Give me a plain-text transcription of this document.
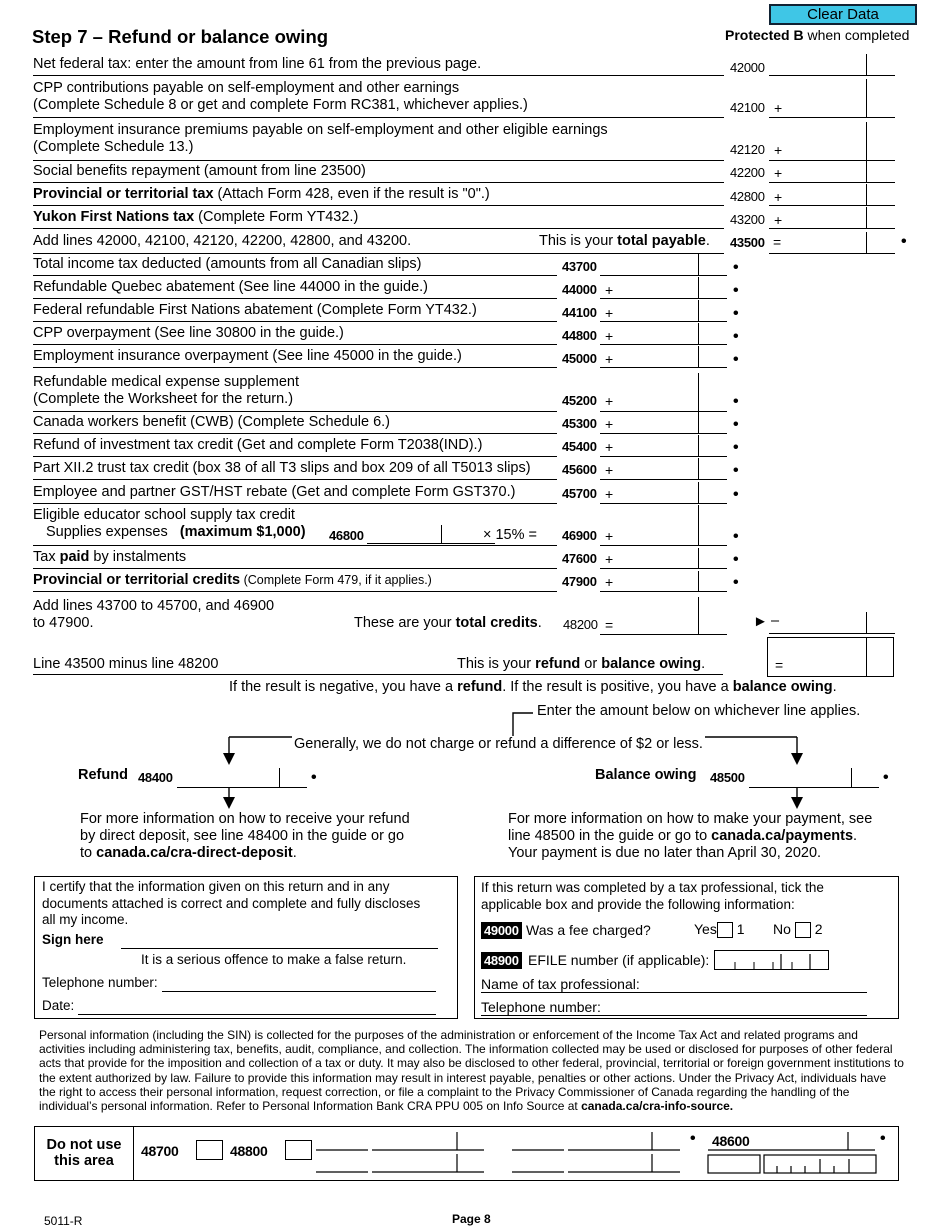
Clear Data
Step 7 – Refund or balance owing	Protected B when completed
Net federal tax: enter the amount from line 61 from the previous page.	42000
CPP contributions payable on self-employment and other earnings
(Complete Schedule 8 or get and complete Form RC381, whichever applies.)	42100 +
Employment insurance premiums payable on self-employment and other eligible earnings
(Complete Schedule 13.)	42120 +
Social benefits repayment (amount from line 23500)	42200 +
Provincial or territorial tax (Attach Form 428, even if the result is "0".)	42800 +
Yukon First Nations tax (Complete Form YT432.)	43200 +
Add lines 42000, 42100, 42120, 42200, 42800, and 43200.	This is your total payable. 43500 =	•
Total income tax deducted (amounts from all Canadian slips)	43700	•
Refundable Quebec abatement (See line 44000 in the guide.)	44000 +	•
Federal refundable First Nations abatement (Complete Form YT432.)	44100 +	•
CPP overpayment (See line 30800 in the guide.)	44800 +	•
Employment insurance overpayment (See line 45000 in the guide.)	45000 +	•
Refundable medical expense supplement
(Complete the Worksheet for the return.)	45200 +	•
Canada workers benefit (CWB) (Complete Schedule 6.)	45300 +	•
Refund of investment tax credit (Get and complete Form T2038(IND).)	45400 +	•
Part XII.2 trust tax credit (box 38 of all T3 slips and box 209 of all T5013 slips) 45600 +	•
Employee and partner GST/HST rebate (Get and complete Form GST370.)	45700 +	•
Eligible educator school supply tax credit
Supplies expenses (maximum $1,000) 46800	× 15% = 46900 +	•
Tax paid by instalments	47600 +	•
Provincial or territorial credits (Complete Form 479, if it applies.)	47900 +	•
Add lines 43700 to 45700, and 46900
to 47900.	These are your total credits. 48200 =	► –
Line 43500 minus line 48200	This is your refund or balance owing.	=
If the result is negative, you have a refund. If the result is positive, you have a balance owing.
Enter the amount below on whichever line applies.
Generally, we do not charge or refund a difference of $2 or less.
Refund 48400	•	Balance owing 48500	•
For more information on how to receive your refund
by direct deposit, see line 48400 in the guide or go
to canada.ca/cra-direct-deposit.
For more information on how to make your payment, see
line 48500 in the guide or go to canada.ca/payments.
Your payment is due no later than April 30, 2020.
I certify that the information given on this return and in any
documents attached is correct and complete and fully discloses
all my income.
Sign here
It is a serious offence to make a false return.
Telephone number:
Date:
If this return was completed by a tax professional, tick the
applicable box and provide the following information:
49000 Was a fee charged?	Yes 1 No 2
48900 EFILE number (if applicable):
Name of tax professional:
Telephone number:
Personal information (including the SIN) is collected for the purposes of the administration or enforcement of the Income Tax Act and related programs and activities including administering tax, benefits, audit, compliance, and collection. The information collected may be used or disclosed for purposes of other federal acts that provide for the imposition and collection of a tax or duty. It may also be disclosed to other federal, provincial, territorial or foreign government institutions to the extent authorized by law. Failure to provide this information may result in interest payable, penalties or other actions. Under the Privacy Act, individuals have the right to access their personal information, request correction, or file a complaint to the Privacy Commissioner of Canada regarding the handling of the individual’s personal information. Refer to Personal Information Bank CRA PPU 005 on Info Source at canada.ca/cra-info-source.
Do not use
this area
48700	48800
• 48600	•
5011-R	Page 8
